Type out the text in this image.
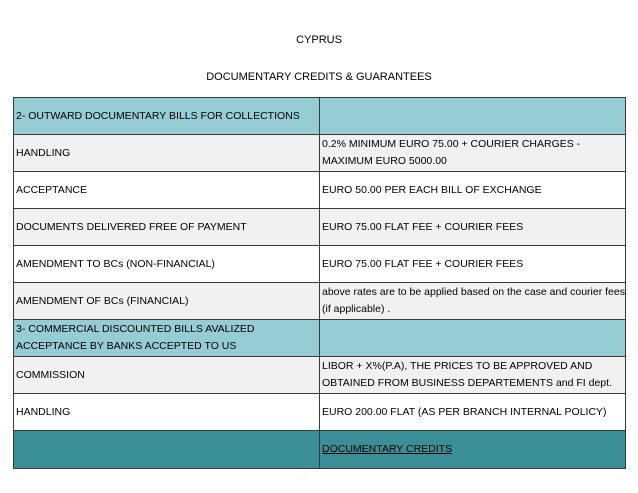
CYPRUS
DOCUMENTARY CREDITS & GUARANTEES
2- OUTWARD DOCUMENTARY BILLS FOR COLLECTIONS	
HANDLING	0.2% MINIMUM EURO 75.00 + COURIER CHARGES - MAXIMUM EURO 5000.00
ACCEPTANCE	EURO 50.00 PER EACH BILL OF EXCHANGE
DOCUMENTS DELIVERED FREE OF PAYMENT	EURO 75.00 FLAT FEE + COURIER FEES
AMENDMENT TO BCs (NON-FINANCIAL)	EURO 75.00 FLAT FEE + COURIER FEES
AMENDMENT OF BCs (FINANCIAL)	above rates are to be applied based on the case and courier fees (if applicable) .
3- COMMERCIAL DISCOUNTED BILLS AVALIZED ACCEPTANCE BY BANKS ACCEPTED TO US	
COMMISSION	LIBOR + X%(P.A), THE PRICES TO BE APPROVED AND OBTAINED FROM BUSINESS DEPARTEMENTS and FI dept.
HANDLING	EURO 200.00 FLAT (AS PER BRANCH INTERNAL POLICY)
	DOCUMENTARY CREDITS
